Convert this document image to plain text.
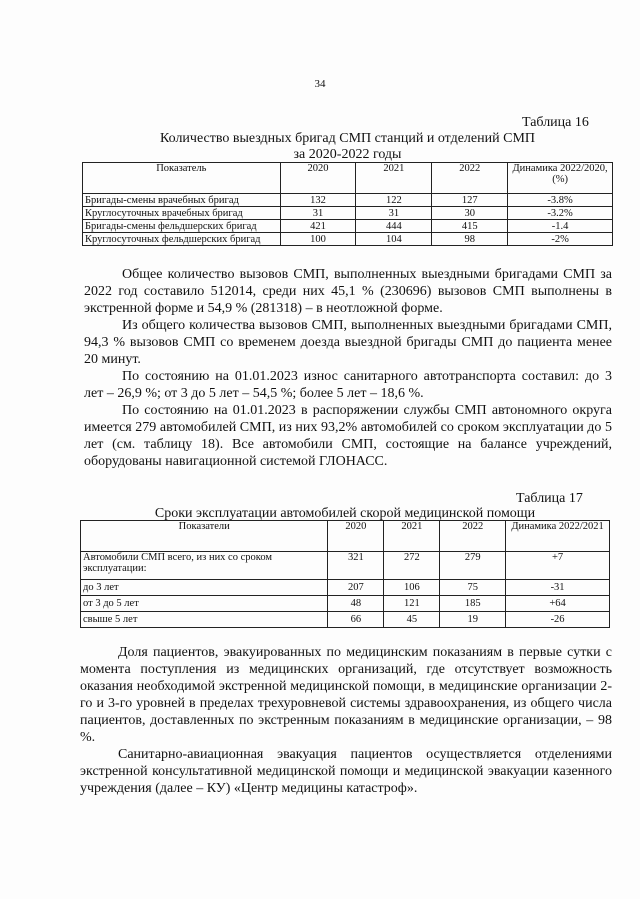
34
Таблица 16
Количество выездных бригад СМП станций и отделений СМП
за 2020-2022 годы
Показатель	2020	2021	2022	Динамика 2022/2020, (%)
Бригады-смены врачебных бригад	132	122	127	-3.8%
Круглосуточных врачебных бригад	31	31	30	-3.2%
Бригады-смены фельдшерских бригад	421	444	415	-1.4
Круглосуточных фельдшерских бригад	100	104	98	-2%

Общее количество вызовов СМП, выполненных выездными бригадами СМП за 2022 год составило 512014, среди них 45,1 % (230696) вызовов СМП выполнены в экстренной форме и 54,9 % (281318) – в неотложной форме.

Из общего количества вызовов СМП, выполненных выездными бригадами СМП, 94,3 % вызовов СМП со временем доезда выездной бригады СМП до пациента менее 20 минут.

По состоянию на 01.01.2023 износ санитарного автотранспорта составил: до 3 лет – 26,9 %; от 3 до 5 лет – 54,5 %; более 5 лет – 18,6 %.

По состоянию на 01.01.2023 в распоряжении службы СМП автономного округа имеется 279 автомобилей СМП, из них 93,2% автомобилей со сроком эксплуатации до 5 лет (см. таблицу 18). Все автомобили СМП, состоящие на балансе учреждений, оборудованы навигационной системой ГЛОНАСС.

Таблица 17
Сроки эксплуатации автомобилей скорой медицинской помощи
Показатели	2020	2021	2022	Динамика 2022/2021
Автомобили СМП всего, из них со сроком эксплуатации:	321	272	279	+7
до 3 лет	207	106	75	-31
от 3 до 5 лет	48	121	185	+64
свыше 5 лет	66	45	19	-26

Доля пациентов, эвакуированных по медицинским показаниям в первые сутки с момента поступления из медицинских организаций, где отсутствует возможность оказания необходимой экстренной медицинской помощи, в медицинские организации 2-го и 3-го уровней в пределах трехуровневой системы здравоохранения, из общего числа пациентов, доставленных по экстренным показаниям в медицинские организации, – 98 %.

Санитарно-авиационная эвакуация пациентов осуществляется отделениями экстренной консультативной медицинской помощи и медицинской эвакуации казенного учреждения (далее – КУ) «Центр медицины катастроф».
